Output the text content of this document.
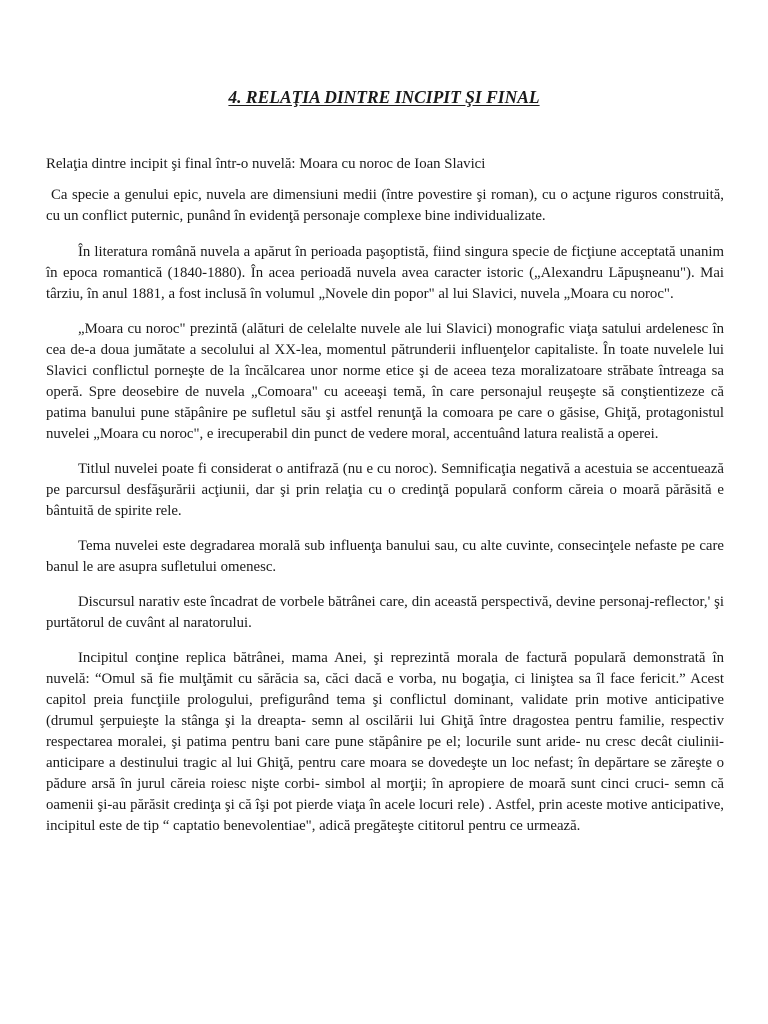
4. RELAŢIA DINTRE INCIPIT ŞI FINAL

Relaţia dintre incipit şi final într-o nuvelă: Moara cu noroc de Ioan Slavici

Ca specie a genului epic, nuvela are dimensiuni medii (între povestire şi roman), cu o acţune riguros construită, cu un conflict puternic, punând în evidenţă personaje complexe bine individualizate.

În literatura română nuvela a apărut în perioada paşoptistă, fiind singura specie de ficţiune acceptată unanim în epoca romantică (1840-1880). În acea perioadă nuvela avea caracter istoric („Alexandru Lăpuşneanu"). Mai târziu, în anul 1881, a fost inclusă în volumul „Novele din popor" al lui Slavici, nuvela „Moara cu noroc".

„Moara cu noroc" prezintă (alături de celelalte nuvele ale lui Slavici) monografic viaţa satului ardelenesc în cea de-a doua jumătate a secolului al XX-lea, momentul pătrunderii influenţelor capitaliste. În toate nuvelele lui Slavici conflictul porneşte de la încălcarea unor norme etice şi de aceea teza moralizatoare străbate întreaga sa operă. Spre deosebire de nuvela „Comoara" cu aceeaşi temă, în care personajul reuşeşte să conştientizeze că patima banului pune stăpânire pe sufletul său şi astfel renunţă la comoara pe care o găsise, Ghiţă, protagonistul nuvelei „Moara cu noroc", e irecuperabil din punct de vedere moral, accentuând latura realistă a operei.

Titlul nuvelei poate fi considerat o antifrază (nu e cu noroc). Semnificaţia negativă a acestuia se accentuează pe parcursul desfăşurării acţiunii, dar şi prin relaţia cu o credinţă populară conform căreia o moară părăsită e bântuită de spirite rele.

Tema nuvelei este degradarea morală sub influenţa banului sau, cu alte cuvinte, consecinţele nefaste pe care banul le are asupra sufletului omenesc.

Discursul narativ este încadrat de vorbele bătrânei care, din această perspectivă, devine personaj-reflector,' şi purtătorul de cuvânt al naratorului.

Incipitul conţine replica bătrânei, mama Anei, şi reprezintă morala de factură populară demonstrată în nuvelă: “Omul să fie mulţămit cu sărăcia sa, căci dacă e vorba, nu bogaţia, ci liniştea sa îl face fericit.” Acest capitol preia funcţiile prologului, prefigurând tema şi conflictul dominant, validate prin motive anticipative (drumul şerpuieşte la stânga şi la dreapta- semn al oscilării lui Ghiţă între dragostea pentru familie, respectiv respectarea moralei, şi patima pentru bani care pune stăpânire pe el; locurile sunt aride- nu cresc decât ciulinii- anticipare a destinului tragic al lui Ghiţă, pentru care moara se dovedeşte un loc nefast; în depărtare se zăreşte o pădure arsă în jurul căreia roiesc nişte corbi- simbol al morţii; în apropiere de moară sunt cinci cruci- semn că oamenii şi-au părăsit credinţa şi că îşi pot pierde viaţa în acele locuri rele) . Astfel, prin aceste motive anticipative, incipitul este de tip “ captatio benevolentiae", adică pregăteşte cititorul pentru ce urmează.
